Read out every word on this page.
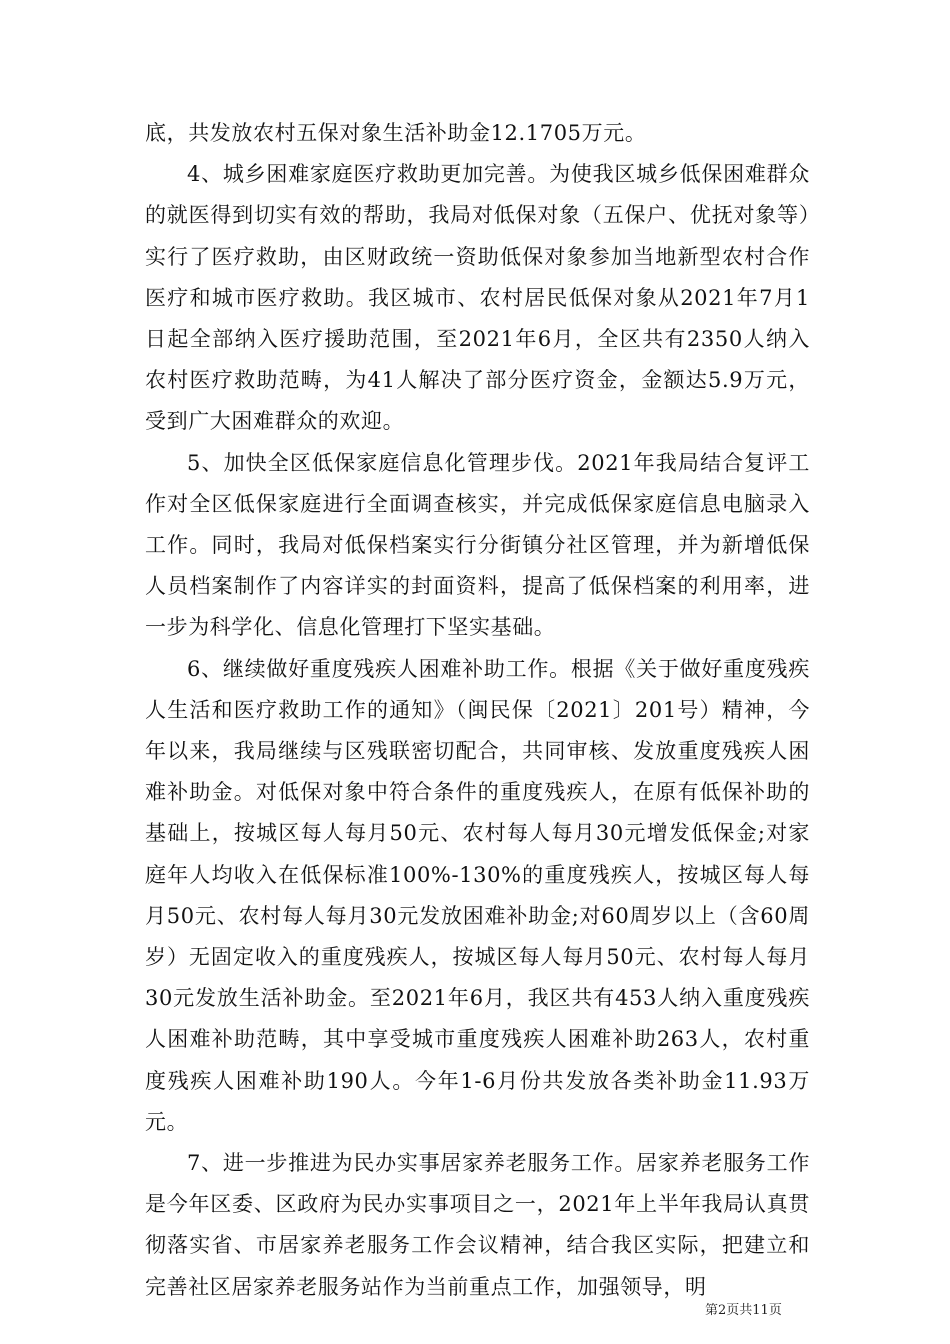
底，共发放农村五保对象生活补助金12.1705万元。

4、城乡困难家庭医疗救助更加完善。为使我区城乡低保困难群众的就医得到切实有效的帮助，我局对低保对象（五保户、优抚对象等）实行了医疗救助，由区财政统一资助低保对象参加当地新型农村合作医疗和城市医疗救助。我区城市、农村居民低保对象从2021年7月1日起全部纳入医疗援助范围，至2021年6月，全区共有2350人纳入农村医疗救助范畴，为41人解决了部分医疗资金，金额达5.9万元，受到广大困难群众的欢迎。

5、加快全区低保家庭信息化管理步伐。2021年我局结合复评工作对全区低保家庭进行全面调查核实，并完成低保家庭信息电脑录入工作。同时，我局对低保档案实行分街镇分社区管理，并为新增低保人员档案制作了内容详实的封面资料，提高了低保档案的利用率，进一步为科学化、信息化管理打下坚实基础。

6、继续做好重度残疾人困难补助工作。根据《关于做好重度残疾人生活和医疗救助工作的通知》（闽民保〔2021〕201号）精神，今年以来，我局继续与区残联密切配合，共同审核、发放重度残疾人困难补助金。对低保对象中符合条件的重度残疾人，在原有低保补助的基础上，按城区每人每月50元、农村每人每月30元增发低保金;对家庭年人均收入在低保标准100%-130%的重度残疾人，按城区每人每月50元、农村每人每月30元发放困难补助金;对60周岁以上（含60周岁）无固定收入的重度残疾人，按城区每人每月50元、农村每人每月30元发放生活补助金。至2021年6月，我区共有453人纳入重度残疾人困难补助范畴，其中享受城市重度残疾人困难补助263人，农村重度残疾人困难补助190人。今年1-6月份共发放各类补助金11.93万元。

7、进一步推进为民办实事居家养老服务工作。居家养老服务工作是今年区委、区政府为民办实事项目之一，2021年上半年我局认真贯彻落实省、市居家养老服务工作会议精神，结合我区实际，把建立和完善社区居家养老服务站作为当前重点工作，加强领导，明

第2页共11页
